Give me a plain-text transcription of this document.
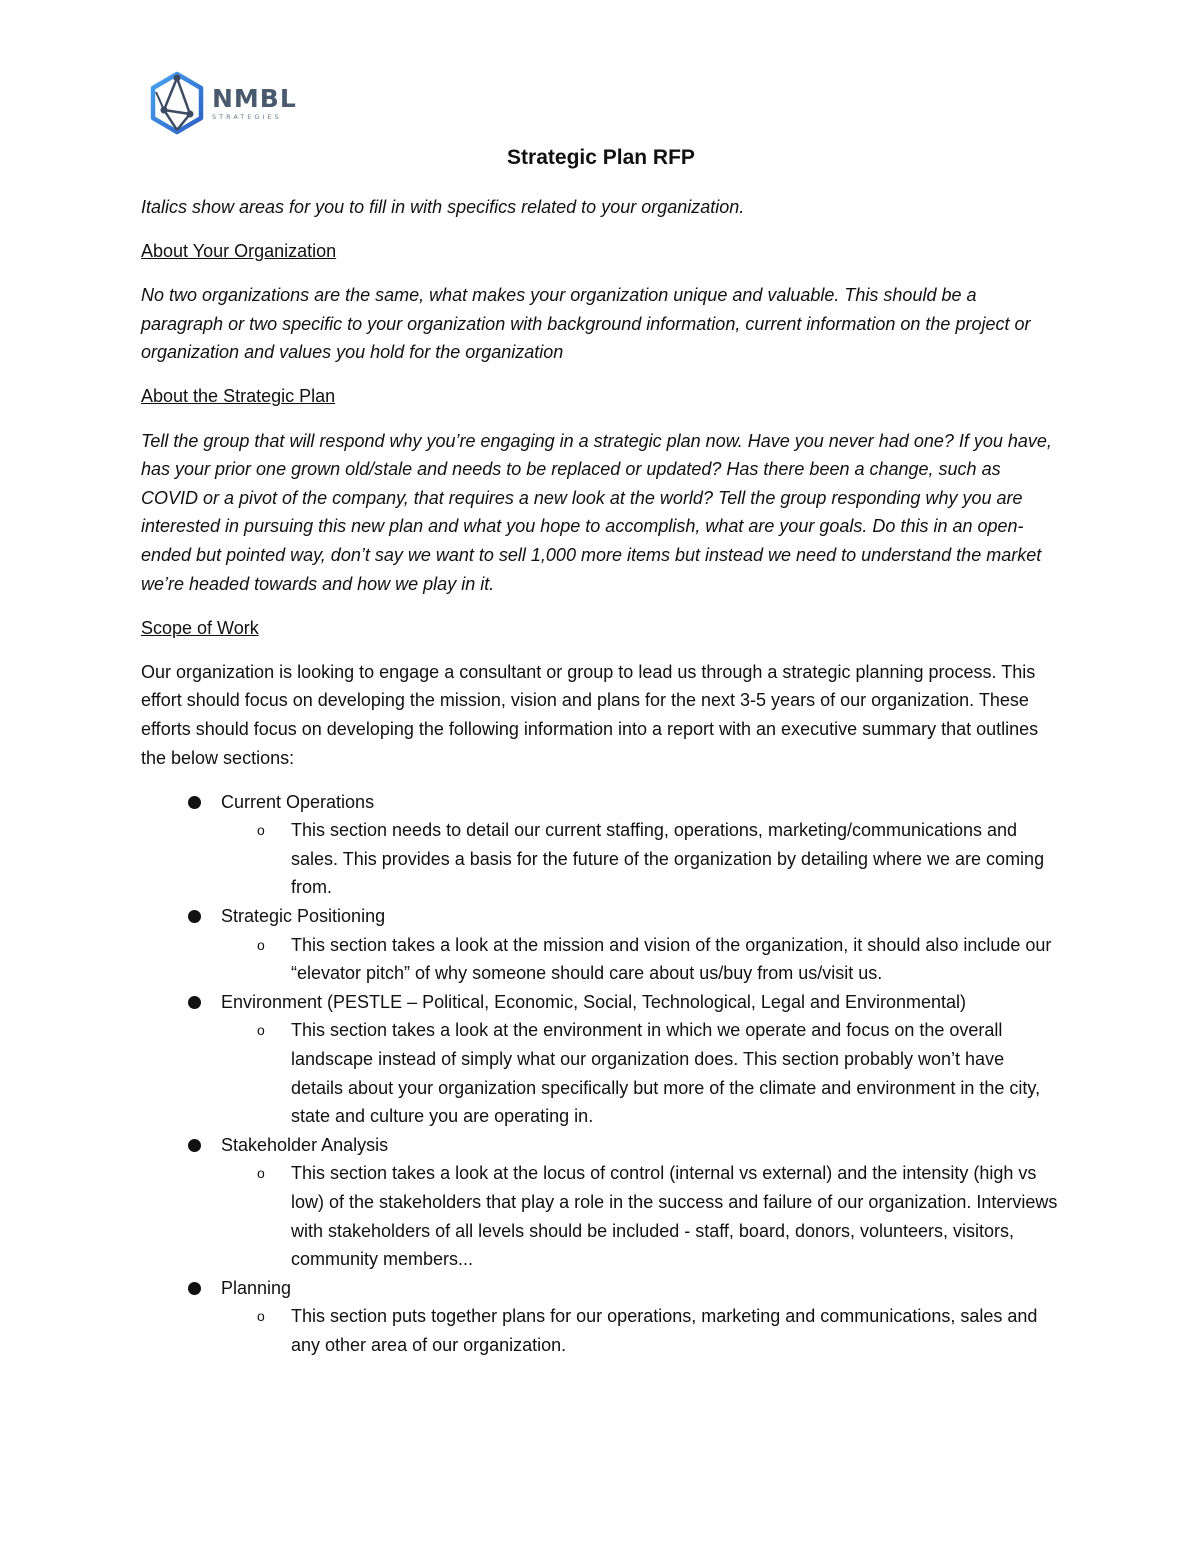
NMBL
STRATEGIES
Strategic Plan RFP

Italics show areas for you to fill in with specifics related to your organization.

About Your Organization

No two organizations are the same, what makes your organization unique and valuable. This should be a paragraph or two specific to your organization with background information, current information on the project or organization and values you hold for the organization

About the Strategic Plan

Tell the group that will respond why you’re engaging in a strategic plan now. Have you never had one? If you have, has your prior one grown old/stale and needs to be replaced or updated? Has there been a change, such as COVID or a pivot of the company, that requires a new look at the world? Tell the group responding why you are interested in pursuing this new plan and what you hope to accomplish, what are your goals. Do this in an open-ended but pointed way, don’t say we want to sell 1,000 more items but instead we need to understand the market we’re headed towards and how we play in it.

Scope of Work

Our organization is looking to engage a consultant or group to lead us through a strategic planning process. This effort should focus on developing the mission, vision and plans for the next 3-5 years of our organization. These efforts should focus on developing the following information into a report with an executive summary that outlines the below sections:

Current Operations
o This section needs to detail our current staffing, operations, marketing/communications and sales. This provides a basis for the future of the organization by detailing where we are coming from.
Strategic Positioning
o This section takes a look at the mission and vision of the organization, it should also include our “elevator pitch” of why someone should care about us/buy from us/visit us.
Environment (PESTLE – Political, Economic, Social, Technological, Legal and Environmental)
o This section takes a look at the environment in which we operate and focus on the overall landscape instead of simply what our organization does. This section probably won’t have details about your organization specifically but more of the climate and environment in the city, state and culture you are operating in.
Stakeholder Analysis
o This section takes a look at the locus of control (internal vs external) and the intensity (high vs low) of the stakeholders that play a role in the success and failure of our organization. Interviews with stakeholders of all levels should be included - staff, board, donors, volunteers, visitors, community members...
Planning
o This section puts together plans for our operations, marketing and communications, sales and any other area of our organization.
